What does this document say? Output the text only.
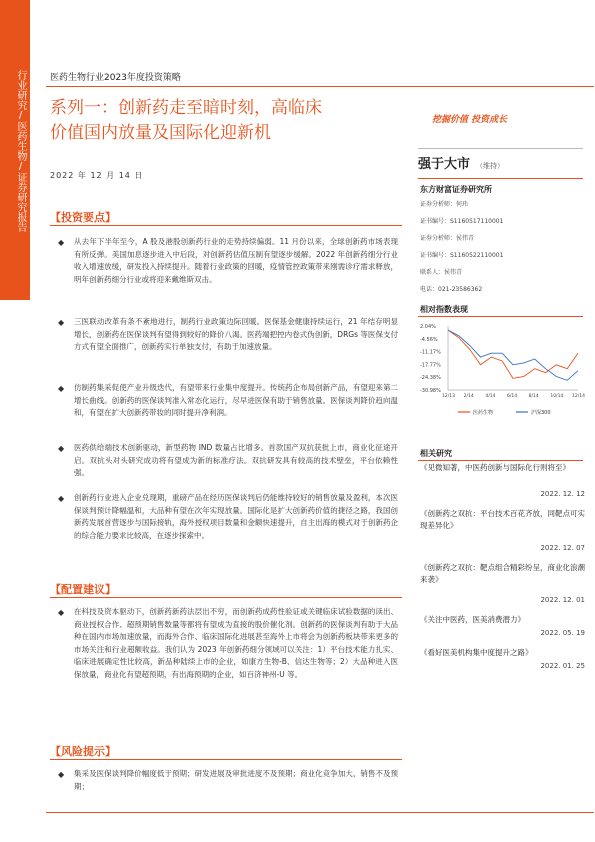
行业研究/医药生物/证券研究报告	医药生物行业2023年度投资策略
系列一：创新药走至暗时刻，高临床
价值国内放量及国际化迎新机
2022 年 12 月 14 日
挖掘价值 投资成长
强于大市 （维持）
东方财富证券研究所
证券分析师：何玮
证书编号：S1160517110001
证券分析师：侯伟青
证书编号：S1160522110001
联系人：侯伟青
电话：021-23586362
相对指数表现
2.04%
-4.56%
-11.17%
-17.77%
-24.38%
-30.98%
12/13 2/14	4/14	6/14	8/14	10/14 12/14
医药生物	沪深300
相关研究
《见微知著，中医药创新与国际化行则将至》
2022. 12. 12
《创新药之双抗：平台技术百花齐放，同靶点可实现差异化》
2022. 12. 07
《创新药之双抗：靶点组合精彩纷呈，商业化浪潮来袭》
2022. 12. 01
《关注中医药，医美消费潜力》
2022. 05. 19
《看好医美机构集中度提升之路》
2022. 01. 25
【投资要点】
◆ 从去年下半年至今，A 股及港股创新药行业的走势持续偏弱。11 月份以来，全球创新药市场表现有所反弹。美国加息逐步进入中后段，对创新药估值压制有望逐步缓解。2022 年创新药细分行业收入增速放缓，研发投入持续提升。随着行业政策的回暖，疫情管控政策带来刚需诊疗需求释放，明年创新药细分行业或将迎来戴维斯双击。
◆ 三医联动改革有条不紊地进行，制药行业政策边际回暖。医保基金健康持续运行，21 年结存明显增长，创新药在医保谈判有望得到较好的降价八渴。医药端把控内卷式伪创新，DRGs 等医保支付方式有望全面推广，创新药实行单独支付，有助于加速放量。
◆ 仿制药集采促使产业升级迭代，有望带来行业集中度提升。传统药企布局创新产品，有望迎来第二增长曲线。创新药的医保谈判准入常态化运行，尽早进医保有助于销售放量。医保谈判降价趋向温和，有望在扩大创新药带妆的同时提升净利润。
◆ 医药供给端技术创新驱动，新型药物 IND 数量占比增多。首款国产双抗获批上市，商业化征途开启。双抗头对头研究成功将有望成为新的标准疗法。双抗研发具有较高的技术壁垒，平台依赖性强。
◆ 创新药行业进入企业兑现期，重磅产品在经历医保谈判后仍能维持较好的销售放量及盈利，本次医保谈判预计降幅温和，大品种有望在次年实现放量。国际化是扩大创新药价值的捷径之路，我国创新药发展首营逐步与国际接轨，海外授权项目数量和金额快速提升，自主出海的模式对于创新药企的综合能力要求比较高，在逐步探索中。
【配置建议】
◆ 在科技及资本驱动下，创新药新药法层出不穷，而创新药成药性验证或关键临床试验数据的读出、商业授权合作、超预期销售数量等都将有望成为直接的股价催化剂。创新药的医保谈判有助于大品种在国内市场加速放量，而海外合作、临床国际化进展甚至海外上市将会为创新药板块带来更多的市场关注和行业超额收益。我们认为 2023 年创新药细分领域可以关注：1）平台技术能力扎实、临床进展确定性比较高，新品种陆续上市的企业，如康方生物-B、信达生物等；2）大品种进入医保放量，商业化有望超预期，有出海预期的企业，如百济神州-U 等。
【风险提示】
◆ 集采及医保谈判降价幅度低于预期；研发进展及审批进度不及预期；商业化竞争加大，销售不及预期；
